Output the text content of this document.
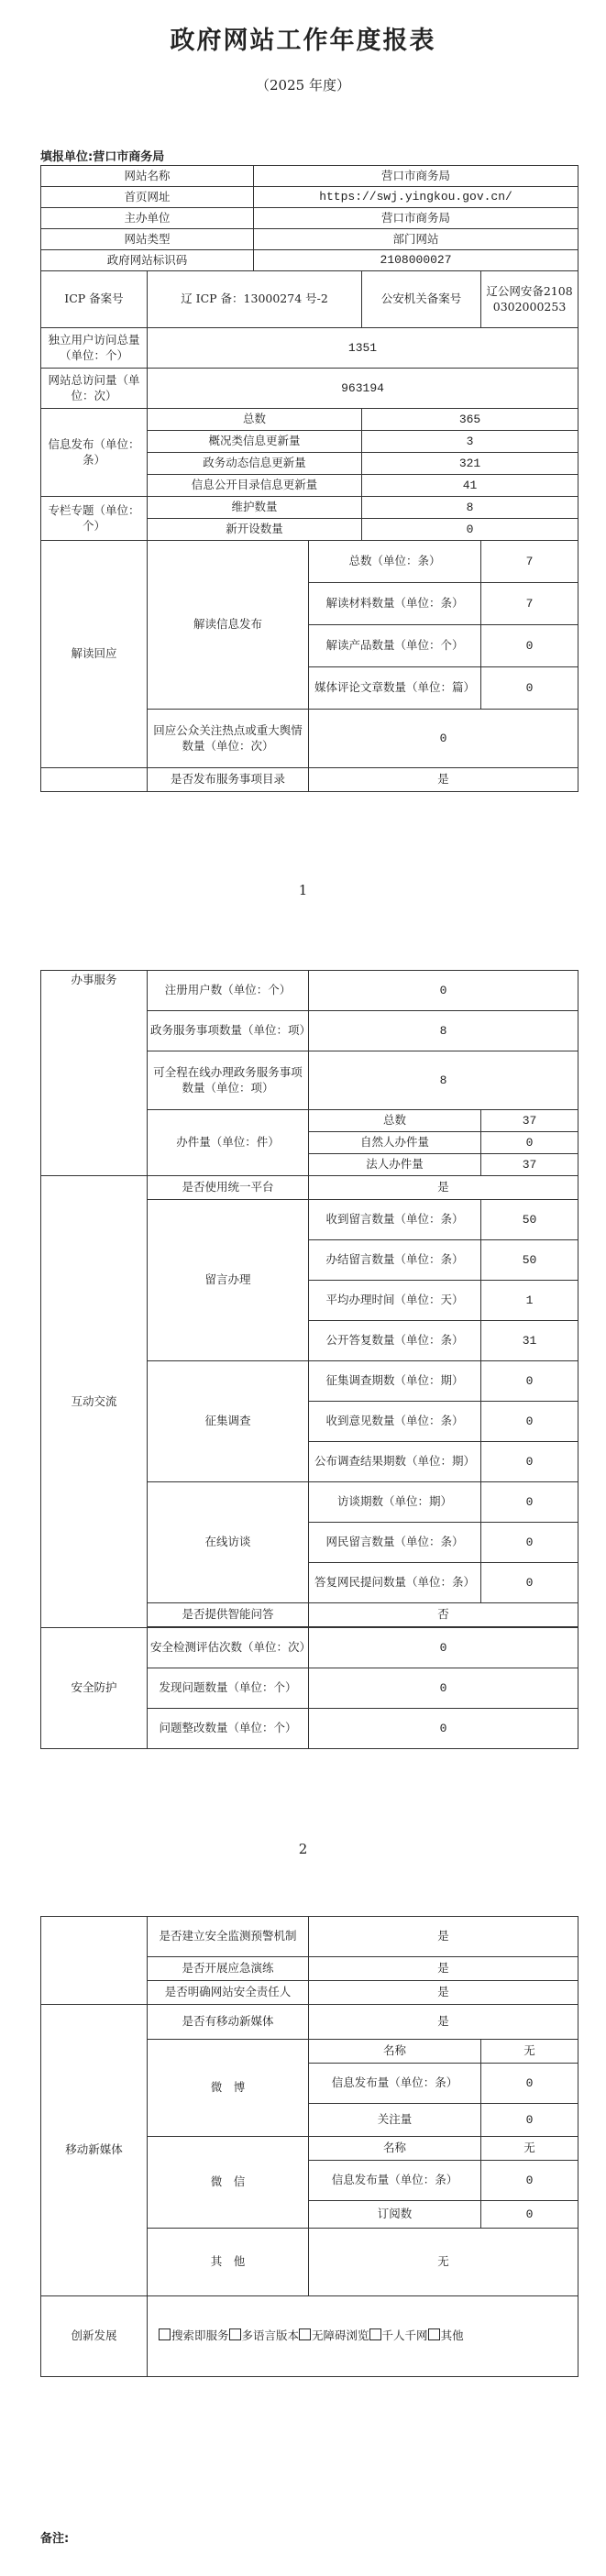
政府网站工作年度报表
（2025 年度）
填报单位:营口市商务局
网站名称		营口市商务局			
首页网址		https://swj.yingkou.gov.cn/			
主办单位		营口市商务局			
网站类型		部门网站			
政府网站标识码		2108000027			
ICP 备案号	辽 ICP 备：13000274 号-2			公安机关备案号	辽公网安备21080302000253
独立用户访问总量（单位：个）	1351				
网站总访问量（单位：次）	963194				
信息发布（单位：条）	总数			365	
	概况类信息更新量			3	
	政务动态信息更新量			321	
	信息公开目录信息更新量			41	
专栏专题（单位：个）	维护数量			8	
	新开设数量			0	
解读回应	解读信息发布		总数（单位：条）		7
			解读材料数量（单位：条）		7
			解读产品数量（单位：个）		0
			媒体评论文章数量（单位：篇）		0
	回应公众关注热点或重大舆情数量（单位：次）		0		
	是否发布服务事项目录		是		
1
办事服务	注册用户数（单位：个）	0	
	政务服务事项数量（单位：项）	8	
	可全程在线办理政务服务事项数量（单位：项）	8	
	办件量（单位：件）	总数	37
		自然人办件量	0
		法人办件量	37
互动交流	是否使用统一平台	是	
	留言办理	收到留言数量（单位：条）	50
		办结留言数量（单位：条）	50
		平均办理时间（单位：天）	1
		公开答复数量（单位：条）	31
	征集调查	征集调查期数（单位：期）	0
		收到意见数量（单位：条）	0
		公布调查结果期数（单位：期）	0
	在线访谈	访谈期数（单位：期）	0
		网民留言数量（单位：条）	0
		答复网民提问数量（单位：条）	0
	是否提供智能问答	否	

安全防护	安全检测评估次数（单位：次）	0	
	发现问题数量（单位：个）	0	
	问题整改数量（单位：个）	0	
2
	是否建立安全监测预警机制	是	
	是否开展应急演练	是	
	是否明确网站安全责任人	是	
移动新媒体	是否有移动新媒体	是	
	微　博	名称	无
		信息发布量（单位：条）	0
		关注量	0
	微　信	名称	无
		信息发布量（单位：条）	0
		订阅数	0
	其　他	无	
创新发展	搜索即服务 多语言版本 无障碍浏览 千人千网 其他		
备注:
